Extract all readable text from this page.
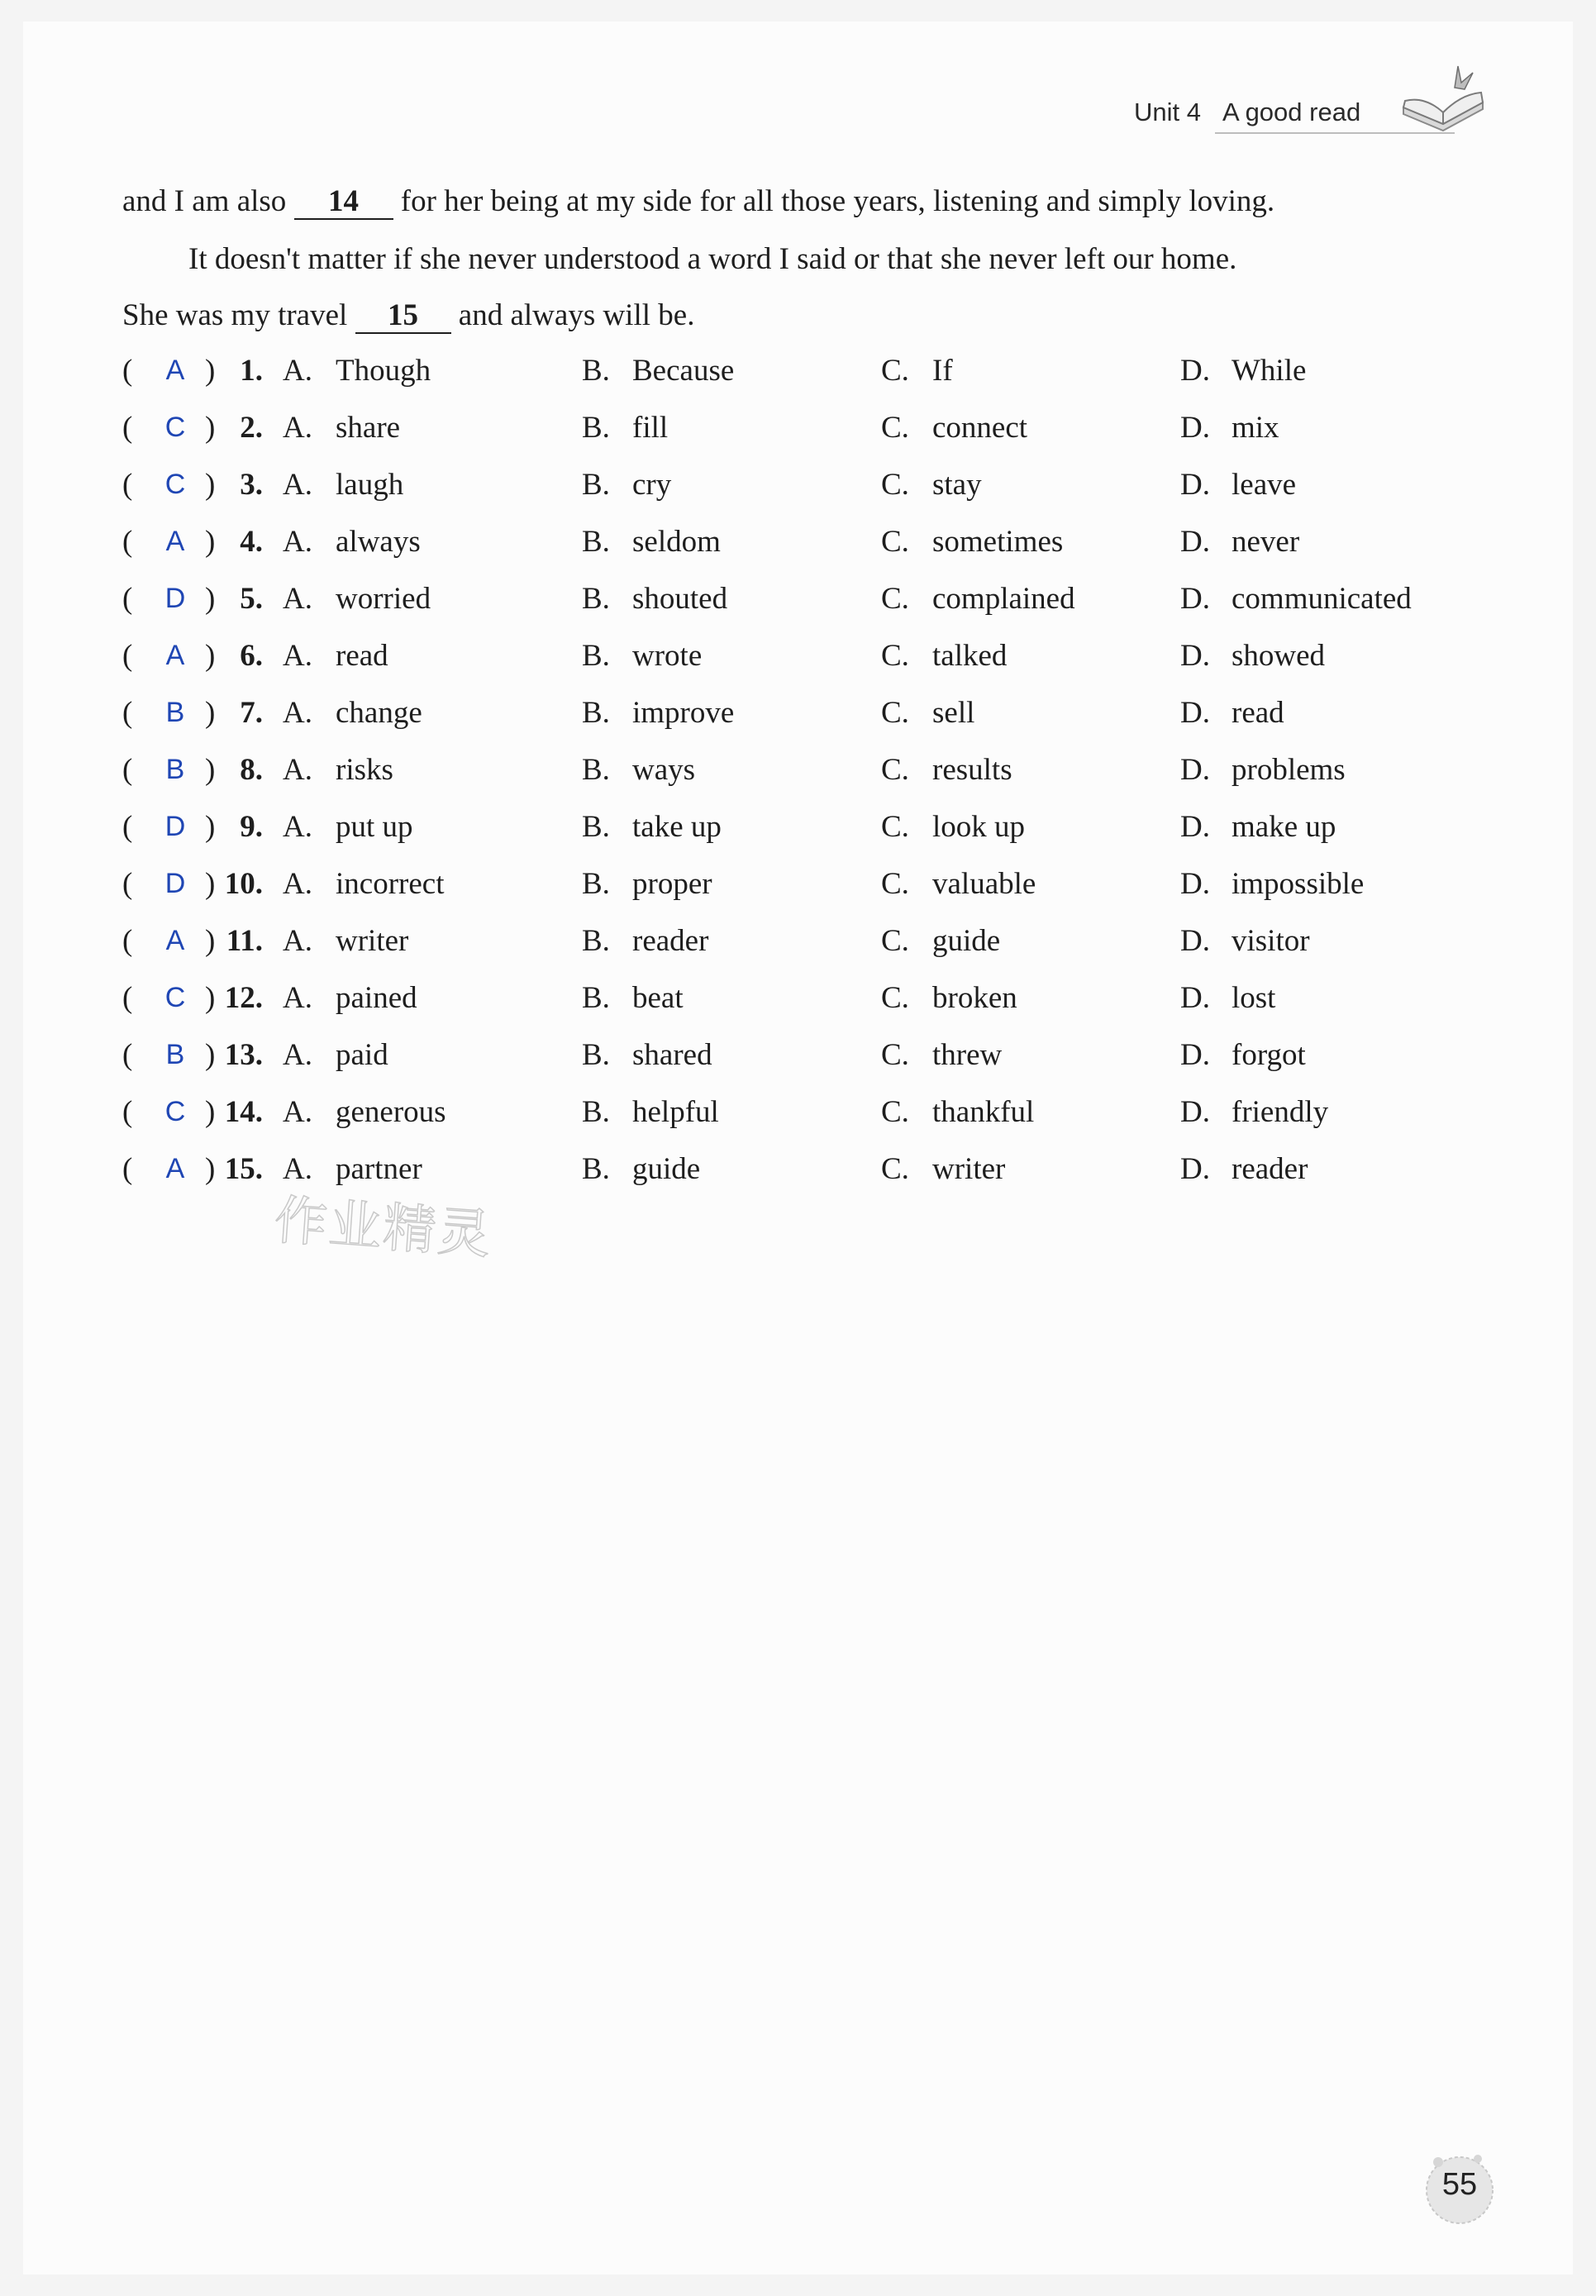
Unit 4 A good read
and I am also 14 for her being at my side for all those years, listening and simply loving.
It doesn't matter if she never understood a word I said or that she never left our home.
She was my travel 15 and always will be.
(	A ) 1. A. Though	B. Because	C. If	D. While
(	C ) 2. A. share	B. fill	C. connect	D. mix
(	C ) 3. A. laugh	B. cry	C. stay	D. leave
(	A ) 4. A. always	B. seldom	C. sometimes	D. never
(	D ) 5. A. worried	B. shouted	C. complained	D. communicated
(	A ) 6. A. read	B. wrote	C. talked	D. showed
(	B ) 7. A. change	B. improve	C. sell	D. read
(	B ) 8. A. risks	B. ways	C. results	D. problems
(	D ) 9. A. put up	B. take up	C. look up	D. make up
(	D ) 10. A. incorrect	B. proper	C. valuable	D. impossible
(	A ) 11. A. writer	B. reader	C. guide	D. visitor
(	C ) 12. A. pained	B. beat	C. broken	D. lost
(	B ) 13. A. paid	B. shared	C. threw	D. forgot
(	C ) 14. A. generous	B. helpful	C. thankful	D. friendly
(	A ) 15. A. partner	B. guide	C. writer	D. reader
作业精灵
55
